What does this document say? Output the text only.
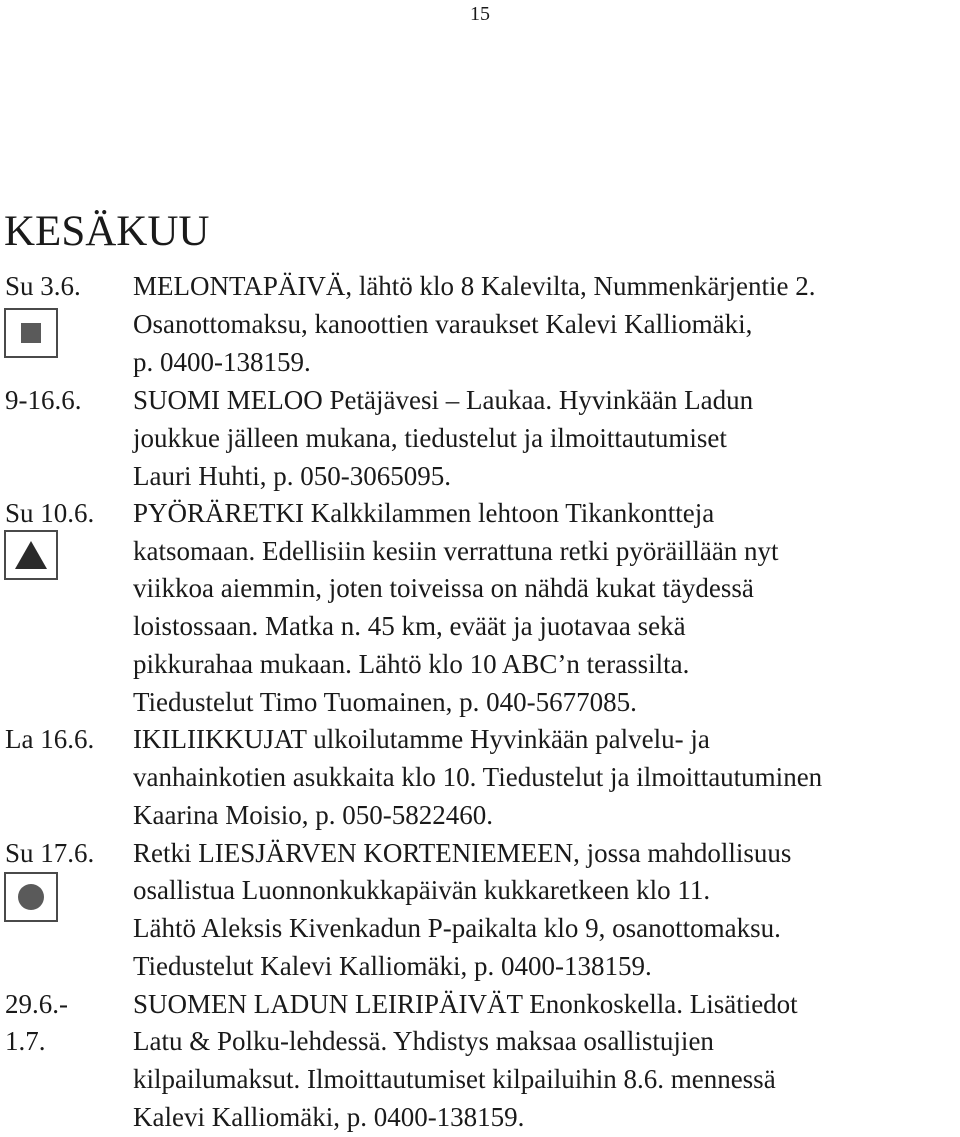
15
KESÄKUU
Su 3.6. MELONTAPÄIVÄ, lähtö klo 8 Kalevilta, Nummenkärjentie 2.
Osanottomaksu, kanoottien varaukset Kalevi Kalliomäki,
p. 0400-138159.
9-16.6. SUOMI MELOO Petäjävesi – Laukaa. Hyvinkään Ladun
joukkue jälleen mukana, tiedustelut ja ilmoittautumiset
Lauri Huhti, p. 050-3065095.
Su 10.6. PYÖRÄRETKI Kalkkilammen lehtoon Tikankontteja
katsomaan. Edellisiin kesiin verrattuna retki pyöräillään nyt
viikkoa aiemmin, joten toiveissa on nähdä kukat täydessä
loistossaan. Matka n. 45 km, eväät ja juotavaa sekä
pikkurahaa mukaan. Lähtö klo 10 ABC’n terassilta.
Tiedustelut Timo Tuomainen, p. 040-5677085.
La 16.6. IKILIIKKUJAT ulkoilutamme Hyvinkään palvelu- ja
vanhainkotien asukkaita klo 10. Tiedustelut ja ilmoittautuminen
Kaarina Moisio, p. 050-5822460.
Su 17.6. Retki LIESJÄRVEN KORTENIEMEEN, jossa mahdollisuus
osallistua Luonnonkukkapäivän kukkaretkeen klo 11.
Lähtö Aleksis Kivenkadun P-paikalta klo 9, osanottomaksu.
Tiedustelut Kalevi Kalliomäki, p. 0400-138159.
29.6.-
1.7.
SUOMEN LADUN LEIRIPÄIVÄT Enonkoskella. Lisätiedot
Latu & Polku-lehdessä. Yhdistys maksaa osallistujien
kilpailumaksut. Ilmoittautumiset kilpailuihin 8.6. mennessä
Kalevi Kalliomäki, p. 0400-138159.
